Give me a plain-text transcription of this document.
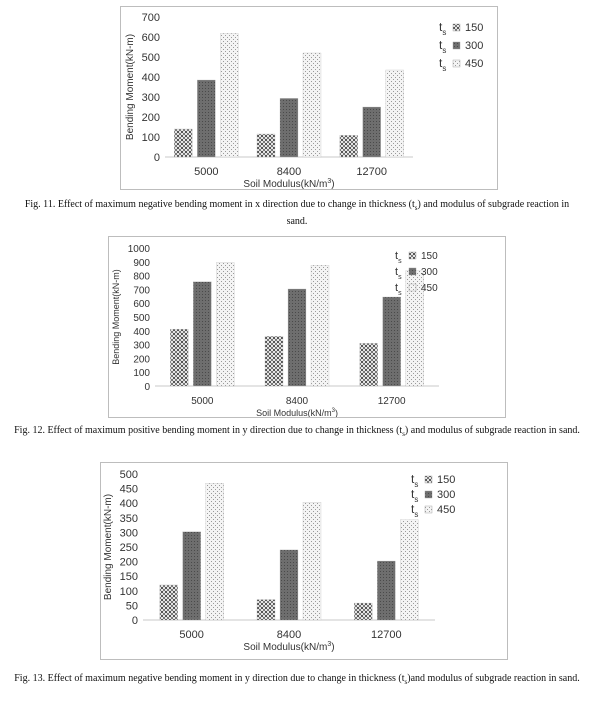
0
100
200
300
400
500
600
700
5000	8400	12700
Soil $Modulus(kN/m^3)$
Bending Moment(kN-m)
$t_s$ 150
$t_s$ 300
$t_s$ 450
Fig. 11. Effect of maximum negative bending moment in x direction due to change in thickness $(t_s)$ and modulus of subgrade reaction in sand.
0
100
200
300
400
500
600
700
800
900
1000
5000	8400	12700
Soil $Modulus(kN/m^3)$
Bending Moment(kN-m)
$t_s$ 150
$t_s$ 300
$t_s$ 450
Fig. 12. Effect of maximum positive bending moment in y direction due to change in thickness $(t_s)$ and modulus of subgrade reaction in sand.
0
50
100
150
200
250
300
350
400
450
500
5000	8400	12700
Soil $Modulus(kN/m^3)$
Bending Moment(kN-m)
$t_s$ 150
$t_s$ 300
$t_s$ 450
Fig. 13. Effect of maximum negative bending moment in y direction due to change in thickness $(t_s)and$ modulus of subgrade reaction in sand.
